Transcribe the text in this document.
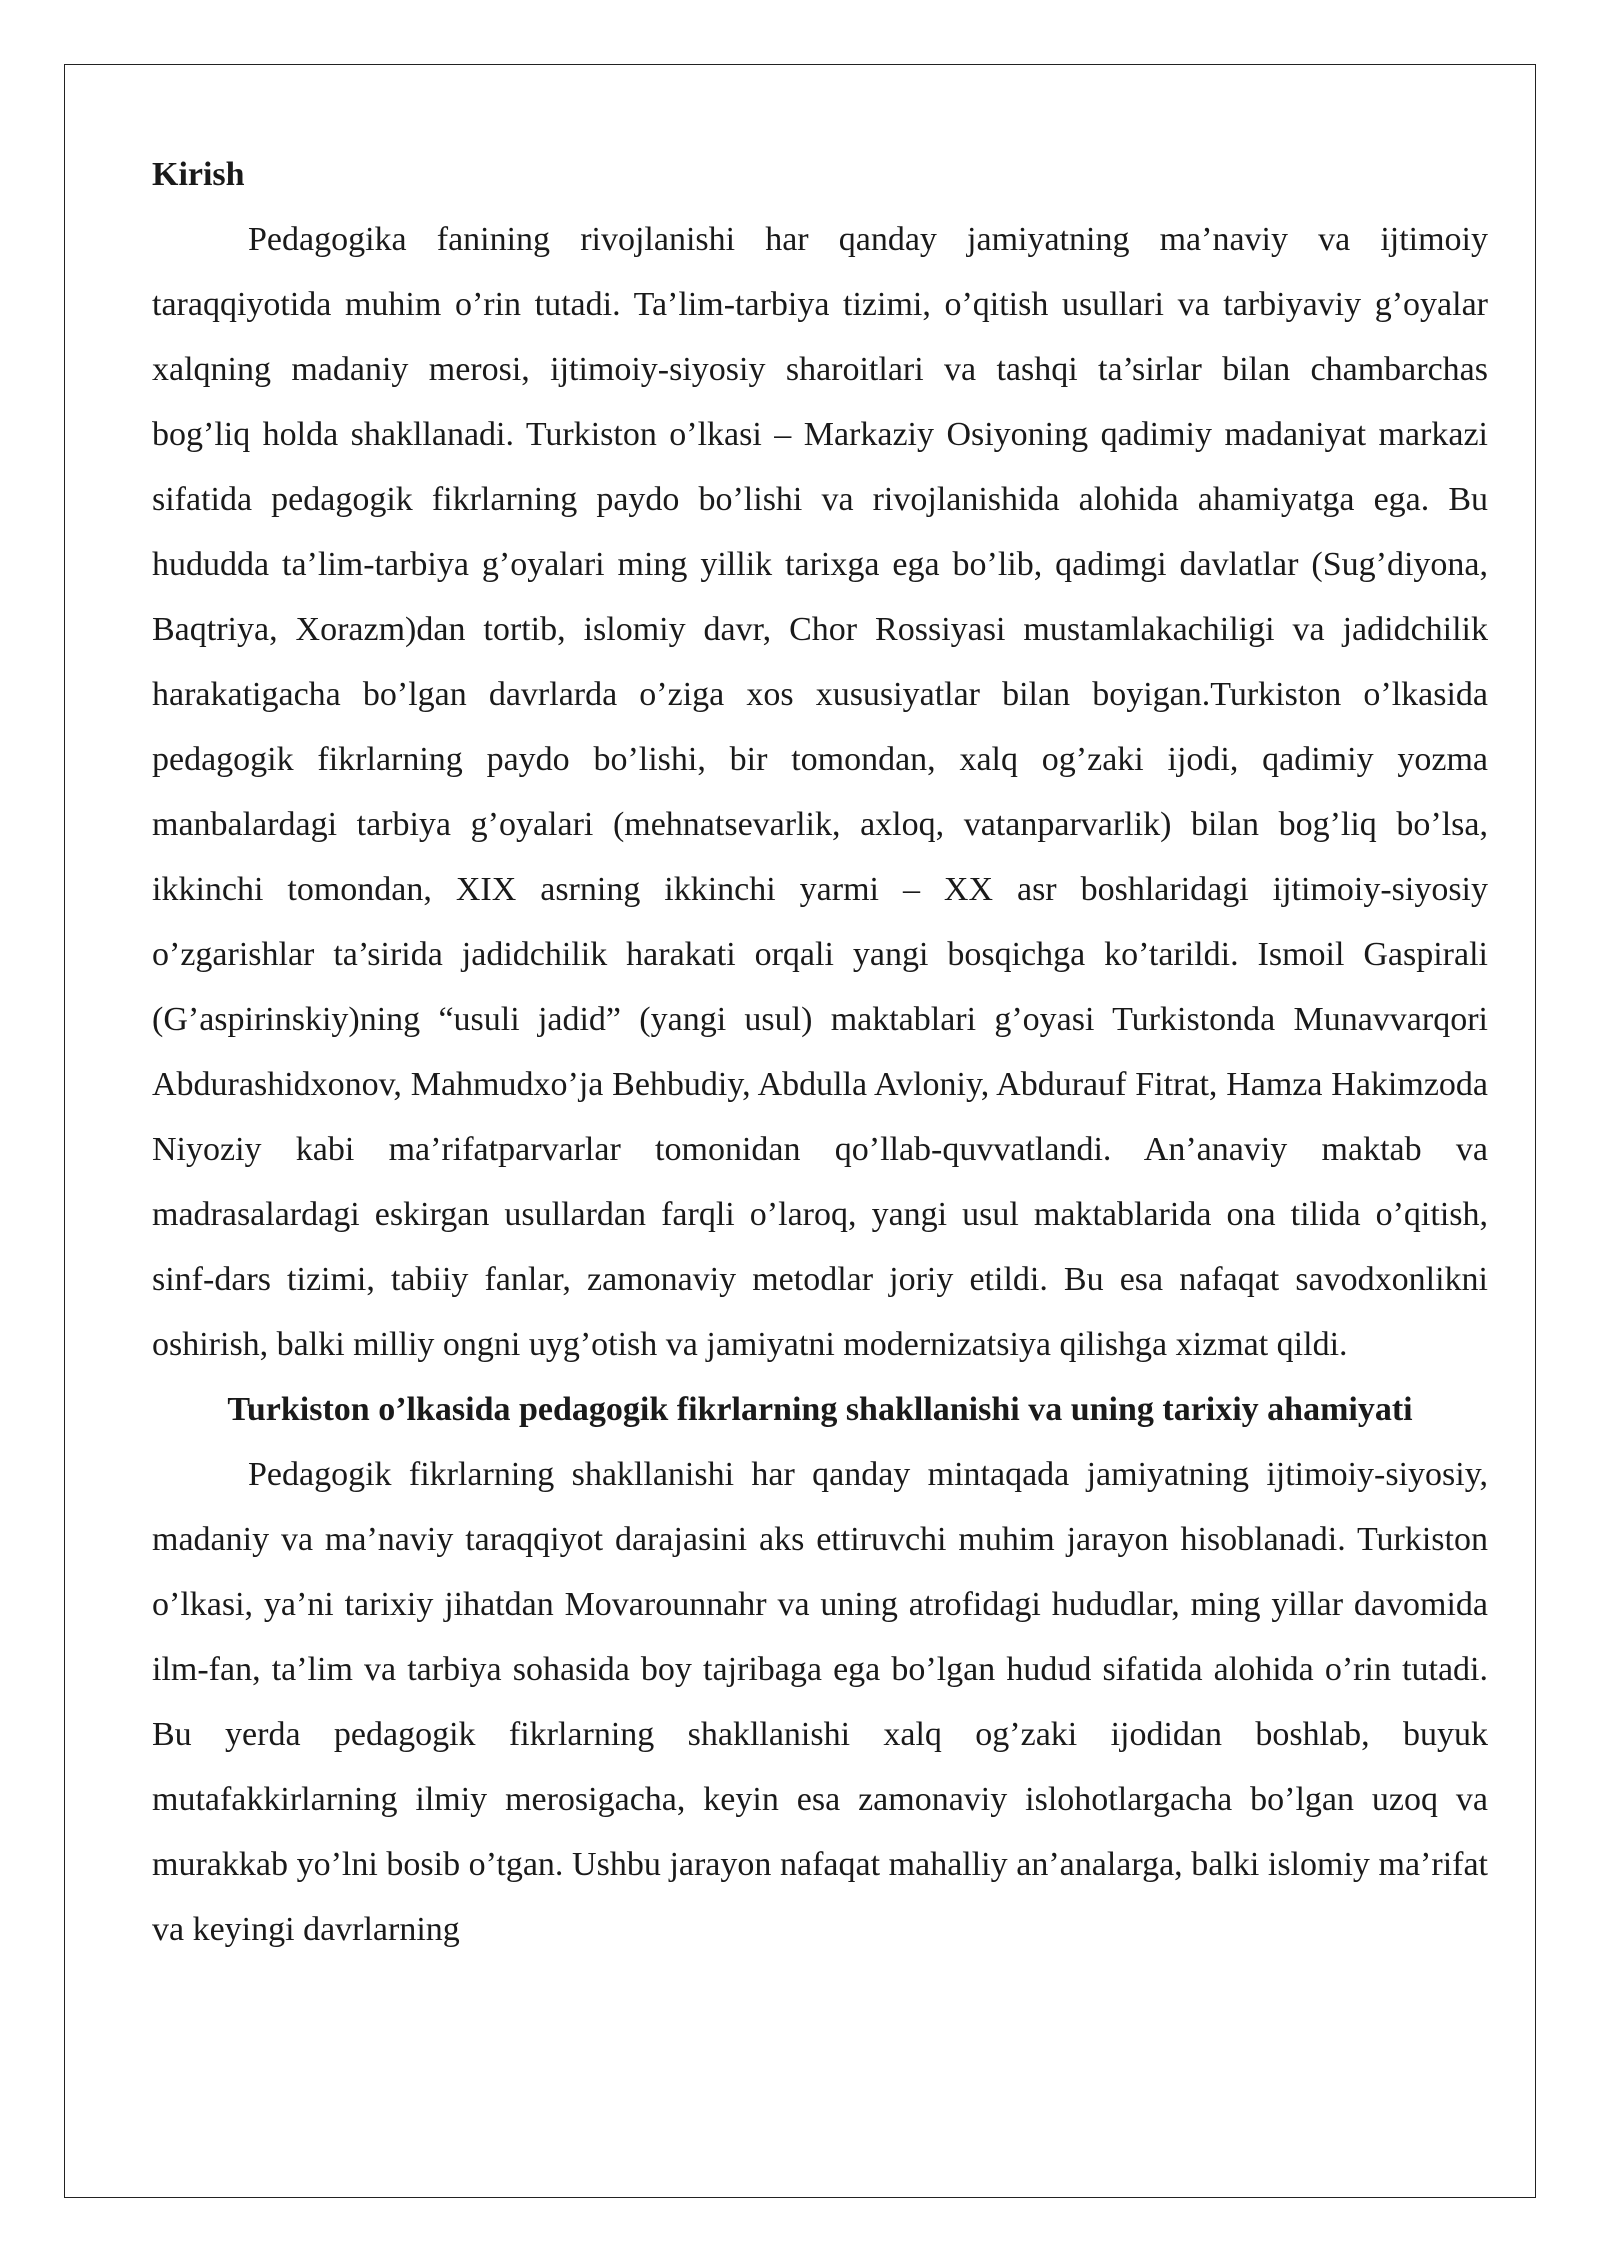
Kirish

Pedagogika fanining rivojlanishi har qanday jamiyatning ma’naviy va ijtimoiy taraqqiyotida muhim o’rin tutadi. Ta’lim-tarbiya tizimi, o’qitish usullari va tarbiyaviy g’oyalar xalqning madaniy merosi, ijtimoiy-siyosiy sharoitlari va tashqi ta’sirlar bilan chambarchas bog’liq holda shakllanadi. Turkiston o’lkasi – Markaziy Osiyoning qadimiy madaniyat markazi sifatida pedagogik fikrlarning paydo bo’lishi va rivojlanishida alohida ahamiyatga ega. Bu hududda ta’lim-tarbiya g’oyalari ming yillik tarixga ega bo’lib, qadimgi davlatlar (Sug’diyona, Baqtriya, Xorazm)dan tortib, islomiy davr, Chor Rossiyasi mustamlakachiligi va jadidchilik harakatigacha bo’lgan davrlarda o’ziga xos xususiyatlar bilan boyigan.Turkiston o’lkasida pedagogik fikrlarning paydo bo’lishi, bir tomondan, xalq og’zaki ijodi, qadimiy yozma manbalardagi tarbiya g’oyalari (mehnatsevarlik, axloq, vatanparvarlik) bilan bog’liq bo’lsa, ikkinchi tomondan, XIX asrning ikkinchi yarmi – XX asr boshlaridagi ijtimoiy-siyosiy o’zgarishlar ta’sirida jadidchilik harakati orqali yangi bosqichga ko’tarildi. Ismoil Gaspirali (G’aspirinskiy)ning “usuli jadid” (yangi usul) maktablari g’oyasi Turkistonda Munavvarqori Abdurashidxonov, Mahmudxo’ja Behbudiy, Abdulla Avloniy, Abdurauf Fitrat, Hamza Hakimzoda Niyoziy kabi ma’rifatparvarlar tomonidan qo’llab-quvvatlandi. An’anaviy maktab va madrasalardagi eskirgan usullardan farqli o’laroq, yangi usul maktablarida ona tilida o’qitish, sinf-dars tizimi, tabiiy fanlar, zamonaviy metodlar joriy etildi. Bu esa nafaqat savodxonlikni oshirish, balki milliy ongni uyg’otish va jamiyatni modernizatsiya qilishga xizmat qildi.

Turkiston o’lkasida pedagogik fikrlarning shakllanishi va uning tarixiy ahamiyati

Pedagogik fikrlarning shakllanishi har qanday mintaqada jamiyatning ijtimoiy-siyosiy, madaniy va ma’naviy taraqqiyot darajasini aks ettiruvchi muhim jarayon hisoblanadi. Turkiston o’lkasi, ya’ni tarixiy jihatdan Movarounnahr va uning atrofidagi hududlar, ming yillar davomida ilm-fan, ta’lim va tarbiya sohasida boy tajribaga ega bo’lgan hudud sifatida alohida o’rin tutadi. Bu yerda pedagogik fikrlarning shakllanishi xalq og’zaki ijodidan boshlab, buyuk mutafakkirlarning ilmiy merosigacha, keyin esa zamonaviy islohotlargacha bo’lgan uzoq va murakkab yo’lni bosib o’tgan. Ushbu jarayon nafaqat mahalliy an’analarga, balki islomiy ma’rifat va keyingi davrlarning
